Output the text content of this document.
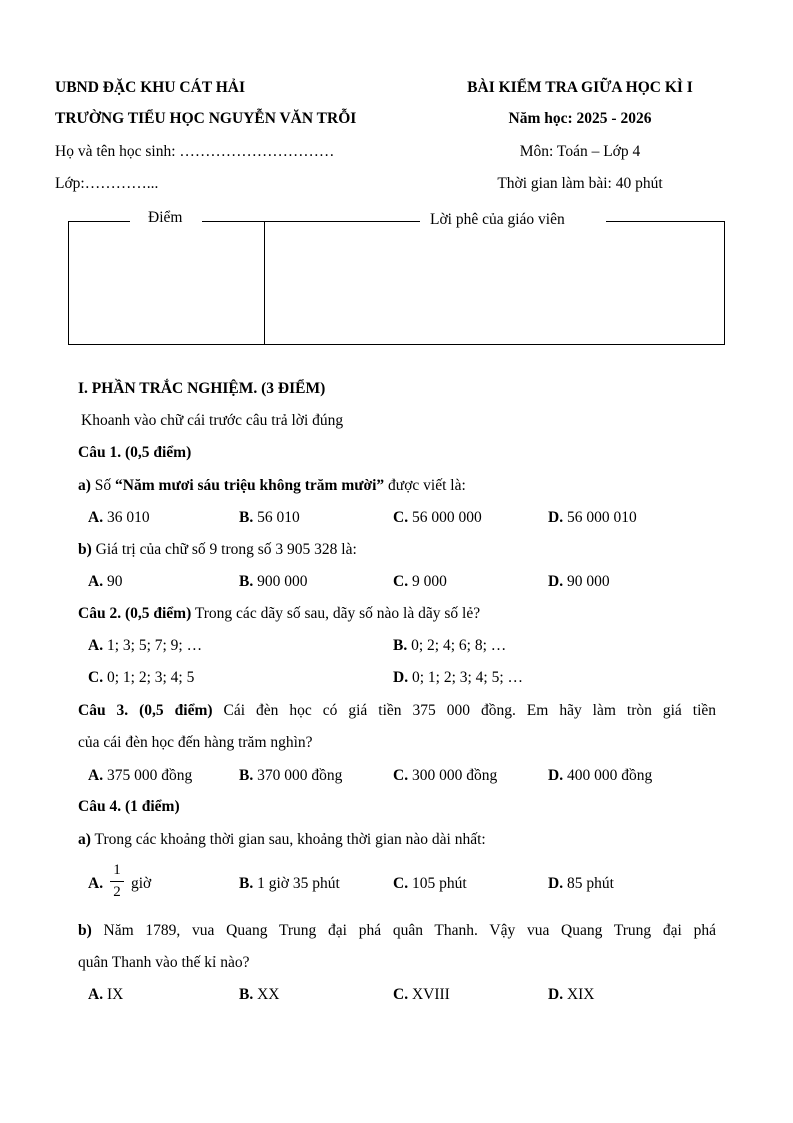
UBND ĐẶC KHU CÁT HẢI
TRƯỜNG TIỂU HỌC NGUYỄN VĂN TRỖI
Họ và tên học sinh: …………………………
Lớp:…………...
BÀI KIỂM TRA GIỮA HỌC KÌ I
Năm học: 2025 - 2026
Môn: Toán – Lớp 4
Thời gian làm bài: 40 phút
Điểm	Lời phê của giáo viên
I. PHẦN TRẮC NGHIỆM. (3 ĐIỂM)
Khoanh vào chữ cái trước câu trả lời đúng
Câu 1. (0,5 điểm)
a) Số “Năm mươi sáu triệu không trăm mười” được viết là:
A. 36 010	B. 56 010	C. 56 000 000	D. 56 000 010
b) Giá trị của chữ số 9 trong số 3 905 328 là:
A. 90	B. 900 000	C. 9 000	D. 90 000
Câu 2. (0,5 điểm) Trong các dãy số sau, dãy số nào là dãy số lẻ?
A. 1; 3; 5; 7; 9; …	B. 0; 2; 4; 6; 8; …
C. 0; 1; 2; 3; 4; 5	D. 0; 1; 2; 3; 4; 5; …
Câu 3. (0,5 điểm) Cái đèn học có giá tiền 375 000 đồng. Em hãy làm tròn giá tiền
của cái đèn học đến hàng trăm nghìn?
A. 375 000 đồng	B. 370 000 đồng	C. 300 000 đồng	D. 400 000 đồng
Câu 4. (1 điểm)
a) Trong các khoảng thời gian sau, khoảng thời gian nào dài nhất:
A.
1
2 giờ	B. 1 giờ 35 phút	C. 105 phút	D. 85 phút
b) Năm 1789, vua Quang Trung đại phá quân Thanh. Vậy vua Quang Trung đại phá
quân Thanh vào thế kỉ nào?
A. IX	B. XX	C. XVIII	D. XIX
